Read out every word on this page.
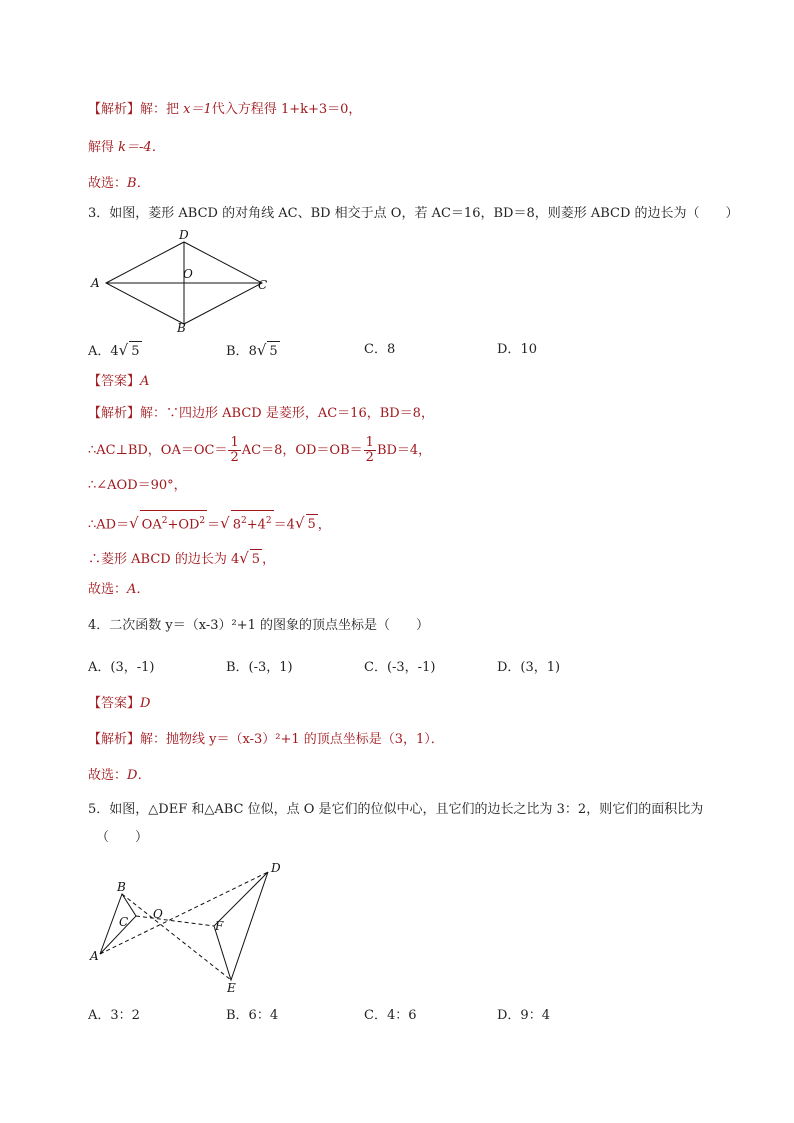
【解析】解：把 x＝1代入方程得 1+k+3＝0，
解得 k＝-4．
故选：B．
3．如图，菱形 ABCD 的对角线 AC、BD 相交于点 O，若 AC＝16，BD＝8，则菱形 ABCD 的边长为（　　）
D
A	C
B
O
A．4√ 5	B．8√ 5	C．8	D．10
【答案】A
【解析】解：∵四边形 ABCD 是菱形，AC＝16，BD＝8，
∴AC⊥BD，$OA=OC= \frac{1}{2} AC=8$，$OD=OB= \frac{1}{2} BD=4$，
∴∠AOD＝90°，
∴AD＝√ $OA^2+OD^2$ ＝√ $8^2+4^2 =4√$ 5 ，
∴菱形 ABCD 的边长为 4√ 5 ，
故选：A．
4．二次函数 y＝（x-3）²+1 的图象的顶点坐标是（　　）
A．(3，-1)	B．(-3，1)	C．(-3，-1)	D．(3，1)
【答案】D
【解析】解：抛物线 y＝（x-3）²+1 的顶点坐标是（3，1）．
故选：D．
5．如图，△DEF 和△ABC 位似，点 O 是它们的位似中心，且它们的边长之比为 3：2，则它们的面积比为
（　　）
B
C
A
O
D
F
E
A．3：2	B．6：4	C．4：6	D．9：4
